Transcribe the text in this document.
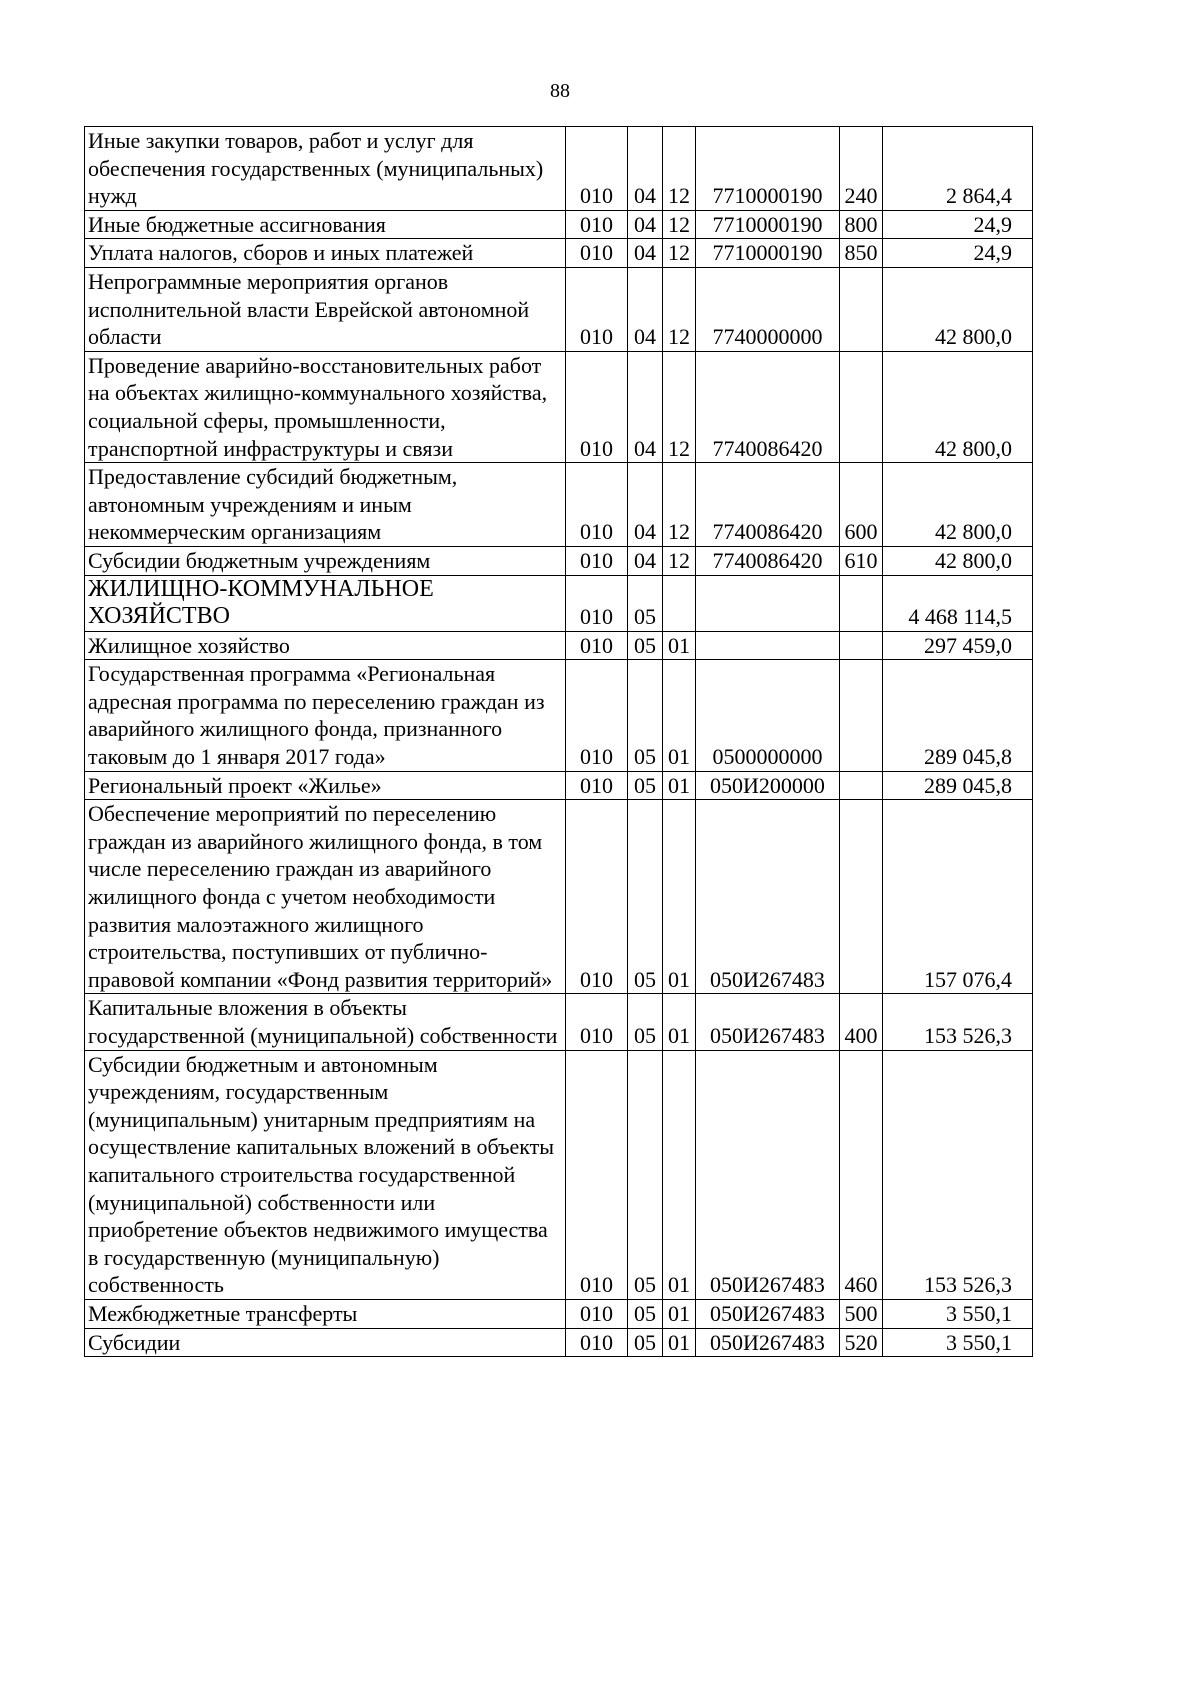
88
Иные закупки товаров, работ и услуг для обеспечения государственных (муниципальных) нужд	010	04	12	7710000190	240	2 864,4
Иные бюджетные ассигнования	010	04	12	7710000190	800	24,9
Уплата налогов, сборов и иных платежей	010	04	12	7710000190	850	24,9
Непрограммные мероприятия органов исполнительной власти Еврейской автономной области	010	04	12	7740000000		42 800,0
Проведение аварийно-восстановительных работ на объектах жилищно-коммунального хозяйства, социальной сферы, промышленности, транспортной инфраструктуры и связи	010	04	12	7740086420		42 800,0
Предоставление субсидий бюджетным, автономным учреждениям и иным некоммерческим организациям	010	04	12	7740086420	600	42 800,0
Субсидии бюджетным учреждениям	010	04	12	7740086420	610	42 800,0
ЖИЛИЩНО-КОММУНАЛЬНОЕ ХОЗЯЙСТВО	010	05				4 468 114,5
Жилищное хозяйство	010	05	01			297 459,0
Государственная программа «Региональная адресная программа по переселению граждан из аварийного жилищного фонда, признанного таковым до 1 января 2017 года»	010	05	01	0500000000		289 045,8
Региональный проект «Жилье»	010	05	01	050И200000		289 045,8
Обеспечение мероприятий по переселению граждан из аварийного жилищного фонда, в том числе переселению граждан из аварийного жилищного фонда с учетом необходимости развития малоэтажного жилищного строительства, поступивших от публично-правовой компании «Фонд развития территорий»	010	05	01	050И267483		157 076,4
Капитальные вложения в объекты государственной (муниципальной) собственности	010	05	01	050И267483	400	153 526,3
Субсидии бюджетным и автономным учреждениям, государственным (муниципальным) унитарным предприятиям на осуществление капитальных вложений в объекты капитального строительства государственной (муниципальной) собственности или приобретение объектов недвижимого имущества в государственную (муниципальную) собственность	010	05	01	050И267483	460	153 526,3
Межбюджетные трансферты	010	05	01	050И267483	500	3 550,1
Субсидии	010	05	01	050И267483	520	3 550,1
